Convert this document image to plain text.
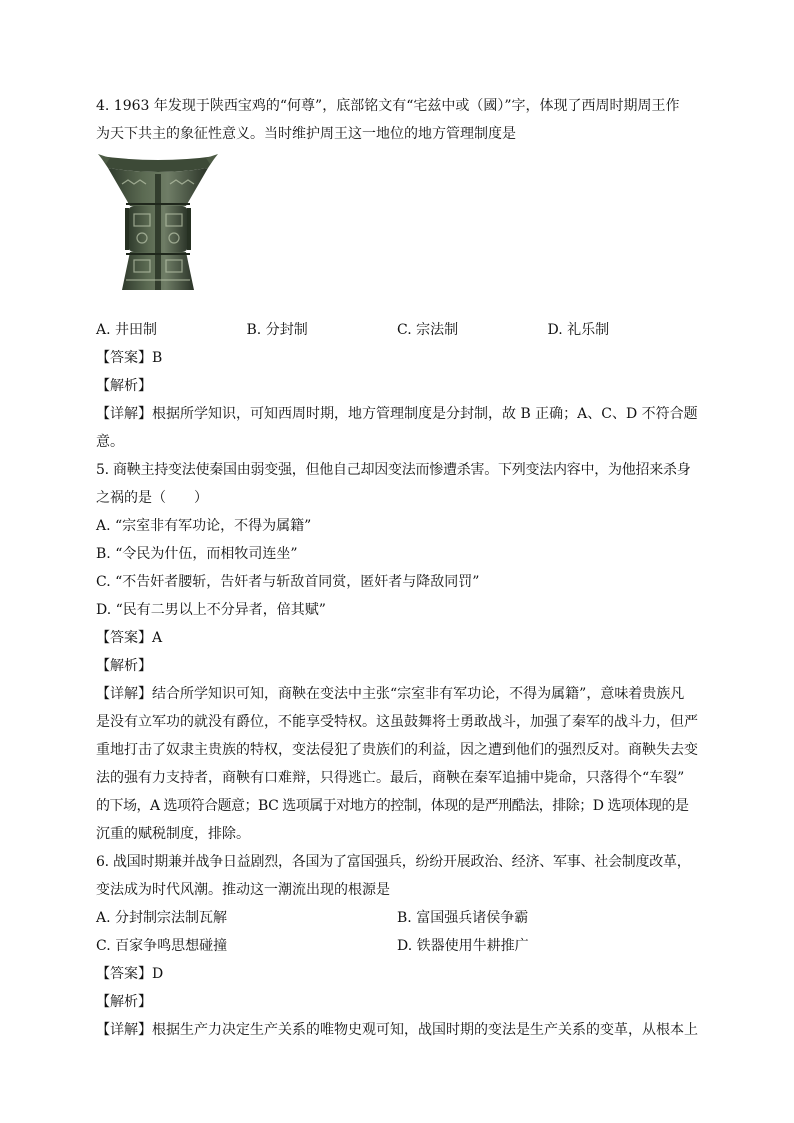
4. 1963 年发现于陕西宝鸡的“何尊”，底部铭文有“宅兹中或（國）”字，体现了西周时期周王作

为天下共主的象征性意义。当时维护周王这一地位的地方管理制度是

A. 井田制	B. 分封制	C. 宗法制	D. 礼乐制

【答案】B

【解析】

【详解】根据所学知识，可知西周时期，地方管理制度是分封制，故 B 正确；A、C、D 不符合题

意。

5. 商鞅主持变法使秦国由弱变强，但他自己却因变法而惨遭杀害。下列变法内容中，为他招来杀身

之祸的是（　　）

A. “宗室非有军功论，不得为属籍”

B. “令民为什伍，而相牧司连坐”

C. “不告奸者腰斩，告奸者与斩敌首同赏，匿奸者与降敌同罚”

D. “民有二男以上不分异者，倍其赋”

【答案】A

【解析】

【详解】结合所学知识可知，商鞅在变法中主张“宗室非有军功论，不得为属籍”，意味着贵族凡

是没有立军功的就没有爵位，不能享受特权。这虽鼓舞将士勇敢战斗，加强了秦军的战斗力，但严

重地打击了奴隶主贵族的特权，变法侵犯了贵族们的利益，因之遭到他们的强烈反对。商鞅失去变

法的强有力支持者，商鞅有口难辩，只得逃亡。最后，商鞅在秦军追捕中毙命，只落得个“车裂”

的下场，A 选项符合题意；BC 选项属于对地方的控制，体现的是严刑酷法，排除；D 选项体现的是

沉重的赋税制度，排除。

6. 战国时期兼并战争日益剧烈，各国为了富国强兵，纷纷开展政治、经济、军事、社会制度改革，

变法成为时代风潮。推动这一潮流出现的根源是

A. 分封制宗法制瓦解	B. 富国强兵诸侯争霸
C. 百家争鸣思想碰撞	D. 铁器使用牛耕推广

【答案】D

【解析】

【详解】根据生产力决定生产关系的唯物史观可知，战国时期的变法是生产关系的变革，从根本上
